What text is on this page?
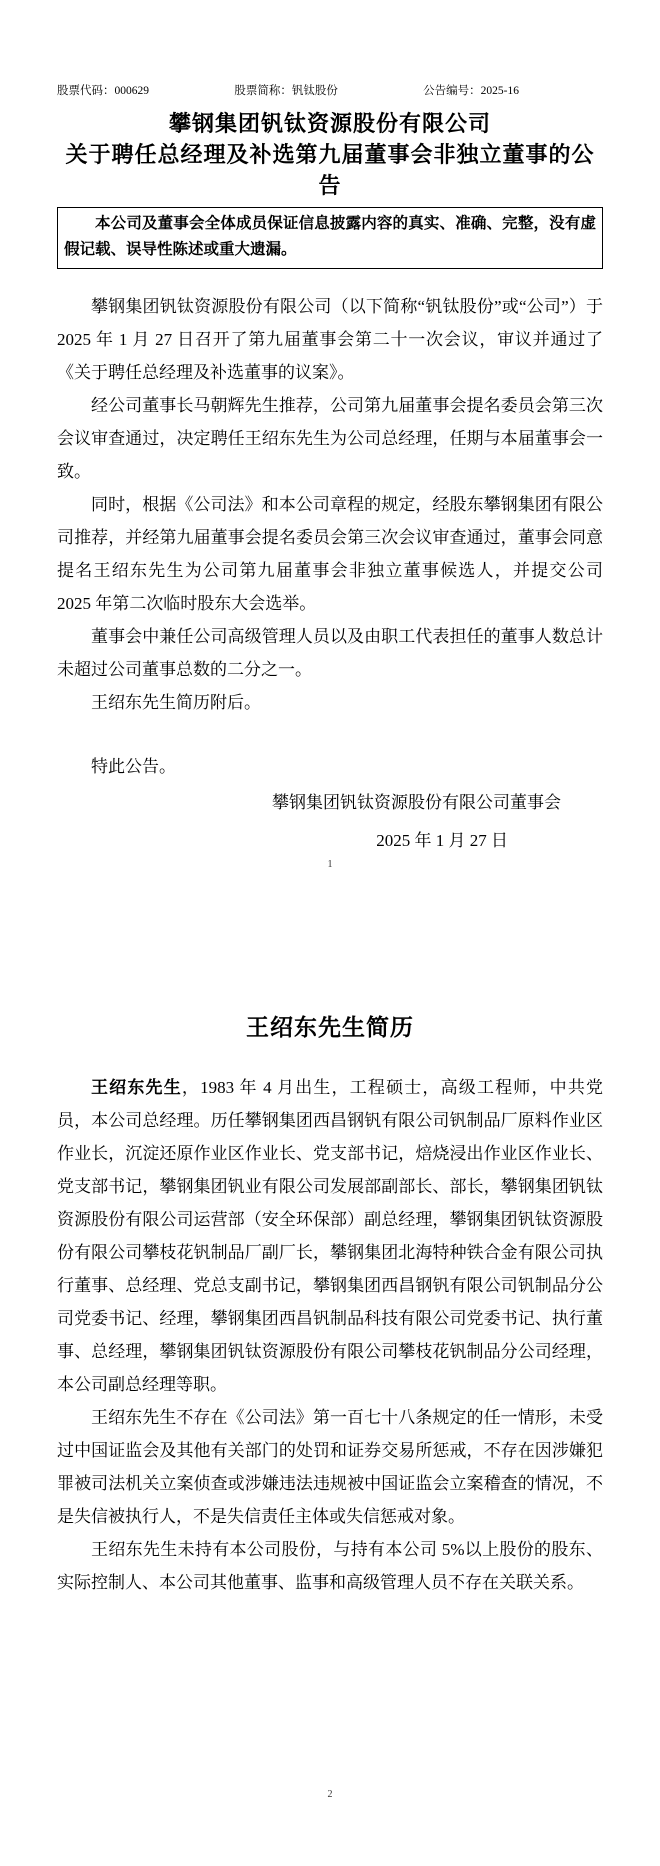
股票代码：000629	股票简称：钒钛股份	公告编号：2025-16
攀钢集团钒钛资源股份有限公司
关于聘任总经理及补选第九届董事会非独立董事的公告

本公司及董事会全体成员保证信息披露内容的真实、准确、完整，没有虚假记载、误导性陈述或重大遗漏。

攀钢集团钒钛资源股份有限公司（以下简称“钒钛股份”或“公司”）于 2025 年 1 月 27 日召开了第九届董事会第二十一次会议，审议并通过了《关于聘任总经理及补选董事的议案》。

经公司董事长马朝辉先生推荐，公司第九届董事会提名委员会第三次会议审查通过，决定聘任王绍东先生为公司总经理，任期与本届董事会一致。

同时，根据《公司法》和本公司章程的规定，经股东攀钢集团有限公司推荐，并经第九届董事会提名委员会第三次会议审查通过，董事会同意提名王绍东先生为公司第九届董事会非独立董事候选人，并提交公司 2025 年第二次临时股东大会选举。

董事会中兼任公司高级管理人员以及由职工代表担任的董事人数总计未超过公司董事总数的二分之一。

王绍东先生简历附后。

特此公告。

攀钢集团钒钛资源股份有限公司董事会

2025 年 1 月 27 日

1
王绍东先生简历

王绍东先生，1983 年 4 月出生，工程硕士，高级工程师，中共党员，本公司总经理。历任攀钢集团西昌钢钒有限公司钒制品厂原料作业区作业长，沉淀还原作业区作业长、党支部书记，焙烧浸出作业区作业长、党支部书记，攀钢集团钒业有限公司发展部副部长、部长，攀钢集团钒钛资源股份有限公司运营部（安全环保部）副总经理，攀钢集团钒钛资源股份有限公司攀枝花钒制品厂副厂长，攀钢集团北海特种铁合金有限公司执行董事、总经理、党总支副书记，攀钢集团西昌钢钒有限公司钒制品分公司党委书记、经理，攀钢集团西昌钒制品科技有限公司党委书记、执行董事、总经理，攀钢集团钒钛资源股份有限公司攀枝花钒制品分公司经理，本公司副总经理等职。

王绍东先生不存在《公司法》第一百七十八条规定的任一情形，未受过中国证监会及其他有关部门的处罚和证券交易所惩戒，不存在因涉嫌犯罪被司法机关立案侦查或涉嫌违法违规被中国证监会立案稽查的情况，不是失信被执行人，不是失信责任主体或失信惩戒对象。

王绍东先生未持有本公司股份，与持有本公司 5%以上股份的股东、实际控制人、本公司其他董事、监事和高级管理人员不存在关联关系。

2
